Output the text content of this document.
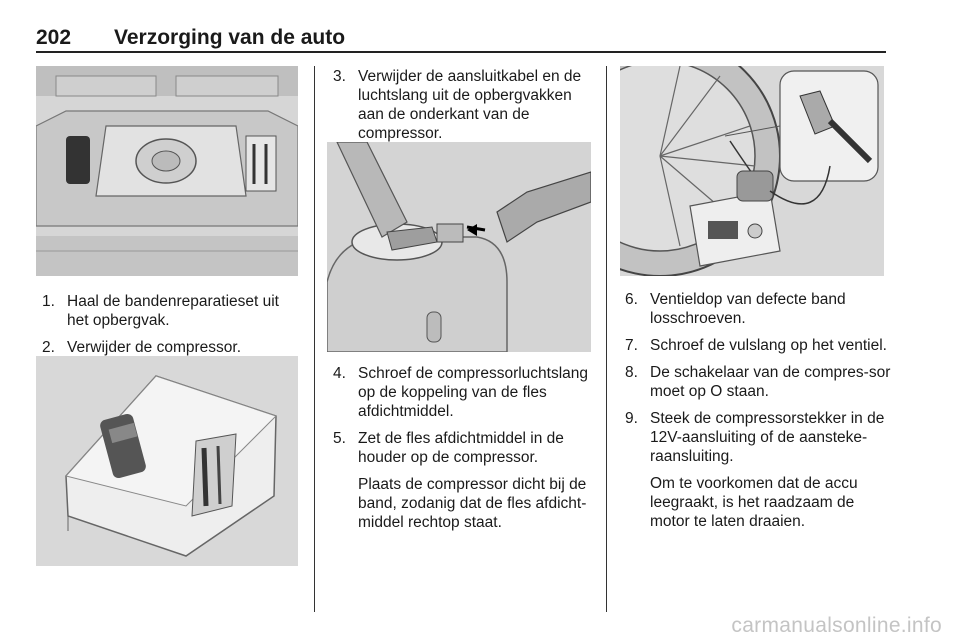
202 Verzorging van de auto
1. Haal de bandenreparatieset uit het opbergvak.
2. Verwijder de compressor.
3. Verwijder de aansluitkabel en de luchtslang uit de opbergvakken aan de onderkant van de compressor.
4. Schroef de compressorluchtslang op de koppeling van de fles afdichtmiddel.
5. Zet de fles afdichtmiddel in de houder op de compressor.
Plaats de compressor dicht bij de band, zodanig dat de fles afdicht-middel rechtop staat.
6. Ventieldop van defecte band losschroeven.
7. Schroef de vulslang op het ventiel.
8. De schakelaar van de compres-sor moet op O staan.
9. Steek de compressorstekker in de 12V-aansluiting of de aansteke-raansluiting.
Om te voorkomen dat de accu leegraakt, is het raadzaam de motor te laten draaien.
carmanualsonline.info
